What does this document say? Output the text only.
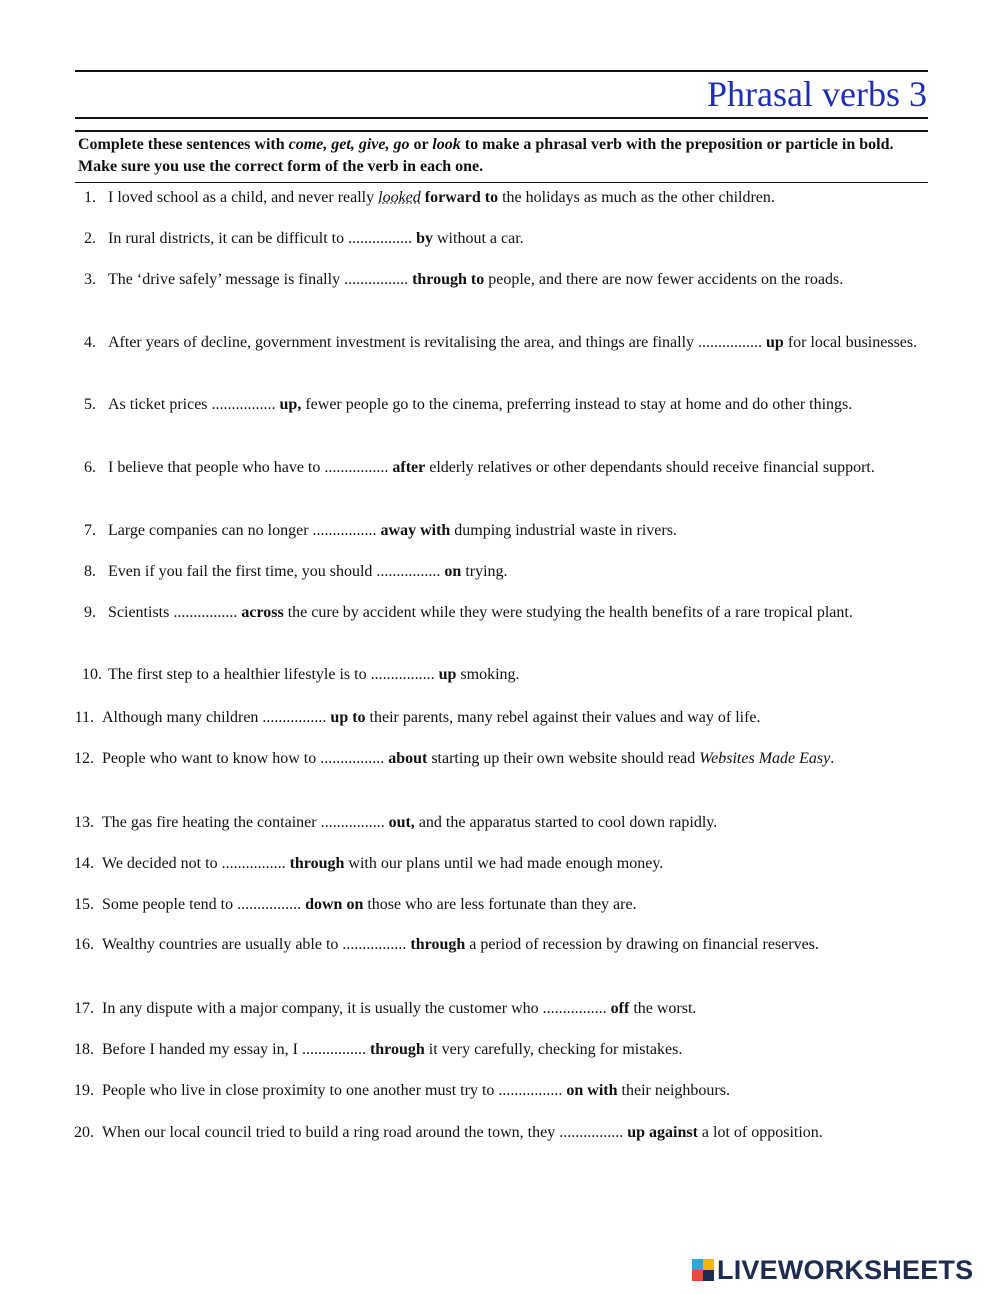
Phrasal verbs 3
Complete these sentences with come, get, give, go or look to make a phrasal verb with the preposition or particle in bold. Make sure you use the correct form of the verb in each one.
1. I loved school as a child, and never really looked forward to the holidays as much as the other children.
2. In rural districts, it can be difficult to ................ by without a car.
3. The ‘drive safely’ message is finally ................ through to people, and there are now fewer accidents on the roads.
4. After years of decline, government investment is revitalising the area, and things are finally ................ up for local businesses.
5. As ticket prices ................ up, fewer people go to the cinema, preferring instead to stay at home and do other things.
6. I believe that people who have to ................ after elderly relatives or other dependants should receive financial support.
7. Large companies can no longer ................ away with dumping industrial waste in rivers.
8. Even if you fail the first time, you should ................ on trying.
9. Scientists ................ across the cure by accident while they were studying the health benefits of a rare tropical plant.
10. The first step to a healthier lifestyle is to ................ up smoking.
11. Although many children ................ up to their parents, many rebel against their values and way of life.
12. People who want to know how to ................ about starting up their own website should read Websites Made Easy.
13. The gas fire heating the container ................ out, and the apparatus started to cool down rapidly.
14. We decided not to ................ through with our plans until we had made enough money.
15. Some people tend to ................ down on those who are less fortunate than they are.
16. Wealthy countries are usually able to ................ through a period of recession by drawing on financial reserves.
17. In any dispute with a major company, it is usually the customer who ................ off the worst.
18. Before I handed my essay in, I ................ through it very carefully, checking for mistakes.
19. People who live in close proximity to one another must try to ................ on with their neighbours.
20. When our local council tried to build a ring road around the town, they ................ up against a lot of opposition.
LIVEWORKSHEETS
